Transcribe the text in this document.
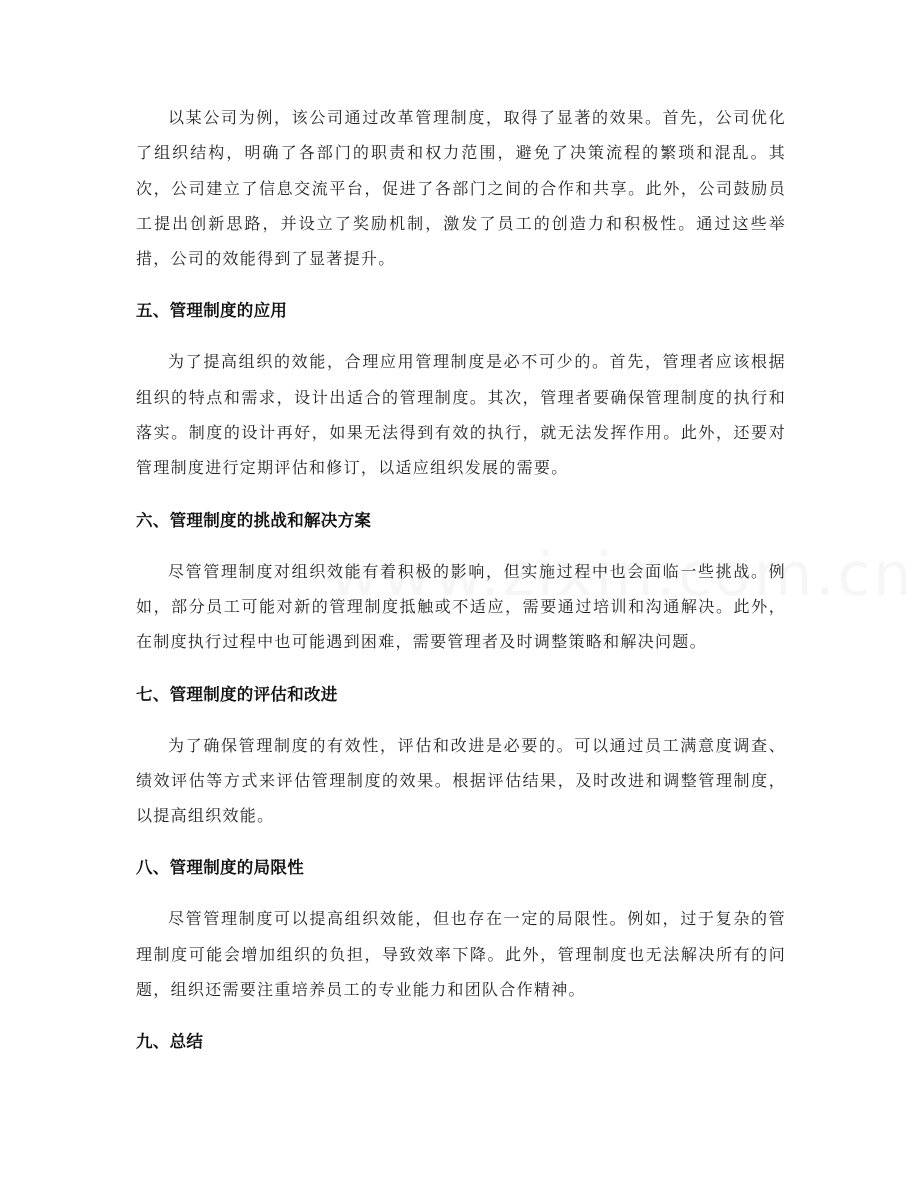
以某公司为例，该公司通过改革管理制度，取得了显著的效果。首先，公司优化了组织结构，明确了各部门的职责和权力范围，避免了决策流程的繁琐和混乱。其次，公司建立了信息交流平台，促进了各部门之间的合作和共享。此外，公司鼓励员工提出创新思路，并设立了奖励机制，激发了员工的创造力和积极性。通过这些举措，公司的效能得到了显著提升。

五、管理制度的应用

为了提高组织的效能，合理应用管理制度是必不可少的。首先，管理者应该根据组织的特点和需求，设计出适合的管理制度。其次，管理者要确保管理制度的执行和落实。制度的设计再好，如果无法得到有效的执行，就无法发挥作用。此外，还要对管理制度进行定期评估和修订，以适应组织发展的需要。

六、管理制度的挑战和解决方案

尽管管理制度对组织效能有着积极的影响，但实施过程中也会面临一些挑战。例如，部分员工可能对新的管理制度抵触或不适应，需要通过培训和沟通解决。此外，在制度执行过程中也可能遇到困难，需要管理者及时调整策略和解决问题。

七、管理制度的评估和改进

为了确保管理制度的有效性，评估和改进是必要的。可以通过员工满意度调查、绩效评估等方式来评估管理制度的效果。根据评估结果，及时改进和调整管理制度，以提高组织效能。

八、管理制度的局限性

尽管管理制度可以提高组织效能，但也存在一定的局限性。例如，过于复杂的管理制度可能会增加组织的负担，导致效率下降。此外，管理制度也无法解决所有的问题，组织还需要注重培养员工的专业能力和团队合作精神。

九、总结
